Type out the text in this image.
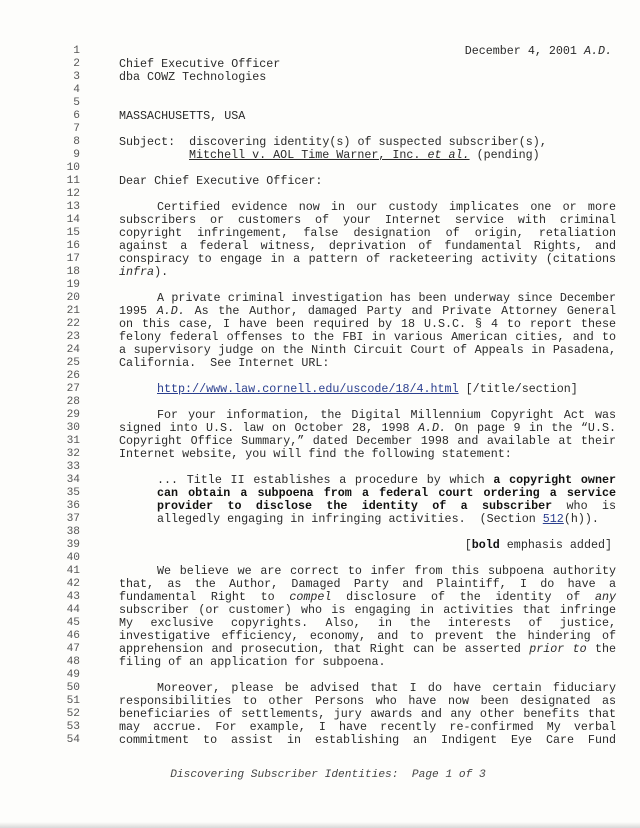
1	December 4, 2001 A.D.
2	Chief Executive Officer
3	dba COWZ Technologies
4
5
6	MASSACHUSETTS, USA
7
8	Subject:  discovering identity(s) of suspected subscriber(s),
9	Mitchell v. AOL Time Warner, Inc. et al. (pending)
10
11	Dear Chief Executive Officer:
12
13	Certified evidence now in our custody implicates one or more
14	subscribers or customers of your Internet service with criminal
15	copyright infringement, false designation of origin, retaliation
16	against a federal witness, deprivation of fundamental Rights, and
17	conspiracy to engage in a pattern of racketeering activity (citations
18	infra).
19
20	A private criminal investigation has been underway since December
21	1995 A.D. As the Author, damaged Party and Private Attorney General
22	on this case, I have been required by 18 U.S.C. § 4 to report these
23	felony federal offenses to the FBI in various American cities, and to
24	a supervisory judge on the Ninth Circuit Court of Appeals in Pasadena,
25	California.  See Internet URL:
26
27	http://www.law.cornell.edu/uscode/18/4.html [/title/section]
28
29	For your information, the Digital Millennium Copyright Act was
30	signed into U.S. law on October 28, 1998 A.D. On page 9 in the “U.S.
31	Copyright Office Summary,” dated December 1998 and available at their
32	Internet website, you will find the following statement:
33
34	... Title II establishes a procedure by which a copyright owner
35	can obtain a subpoena from a federal court ordering a service
36	provider to disclose the identity of a subscriber who is
37	allegedly engaging in infringing activities.  (Section 512(h)).
38
39	[bold emphasis added]
40
41	We believe we are correct to infer from this subpoena authority
42	that, as the Author, Damaged Party and Plaintiff, I do have a
43	fundamental Right to compel disclosure of the identity of any
44	subscriber (or customer) who is engaging in activities that infringe
45	My exclusive copyrights. Also, in the interests of justice,
46	investigative efficiency, economy, and to prevent the hindering of
47	apprehension and prosecution, that Right can be asserted prior to the
48	filing of an application for subpoena.
49
50	Moreover, please be advised that I do have certain fiduciary
51	responsibilities to other Persons who have now been designated as
52	beneficiaries of settlements, jury awards and any other benefits that
53	may accrue. For example, I have recently re-confirmed My verbal
54	commitment to assist in establishing an Indigent Eye Care Fund
Discovering Subscriber Identities:  Page 1 of 3
